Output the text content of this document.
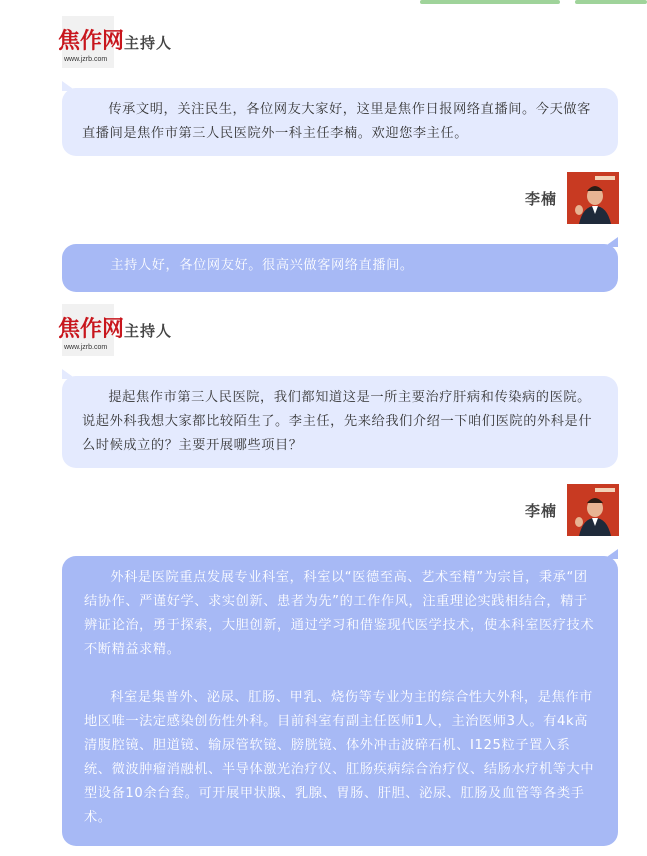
焦作网
www.jzrb.com
主持人

传承文明，关注民生，各位网友大家好，这里是焦作日报网络直播间。今天做客直播间是焦作市第三人民医院外一科主任李楠。欢迎您李主任。

李楠

主持人好，各位网友好。很高兴做客网络直播间。

焦作网
www.jzrb.com
主持人

提起焦作市第三人民医院，我们都知道这是一所主要治疗肝病和传染病的医院。说起外科我想大家都比较陌生了。李主任，先来给我们介绍一下咱们医院的外科是什么时候成立的？主要开展哪些项目？

李楠

外科是医院重点发展专业科室，科室以“医德至高、艺术至精”为宗旨，秉承“团结协作、严谨好学、求实创新、患者为先”的工作作风，注重理论实践相结合，精于辨证论治，勇于探索，大胆创新，通过学习和借鉴现代医学技术，使本科室医疗技术不断精益求精。

科室是集普外、泌尿、肛肠、甲乳、烧伤等专业为主的综合性大外科，是焦作市地区唯一法定感染创伤性外科。目前科室有副主任医师1人，主治医师3人。有4k高清腹腔镜、胆道镜、输尿管软镜、膀胱镜、体外冲击波碎石机、I125粒子置入系统、微波肿瘤消融机、半导体激光治疗仪、肛肠疾病综合治疗仪、结肠水疗机等大中型设备10余台套。可开展甲状腺、乳腺、胃肠、肝胆、泌尿、肛肠及血管等各类手术。
